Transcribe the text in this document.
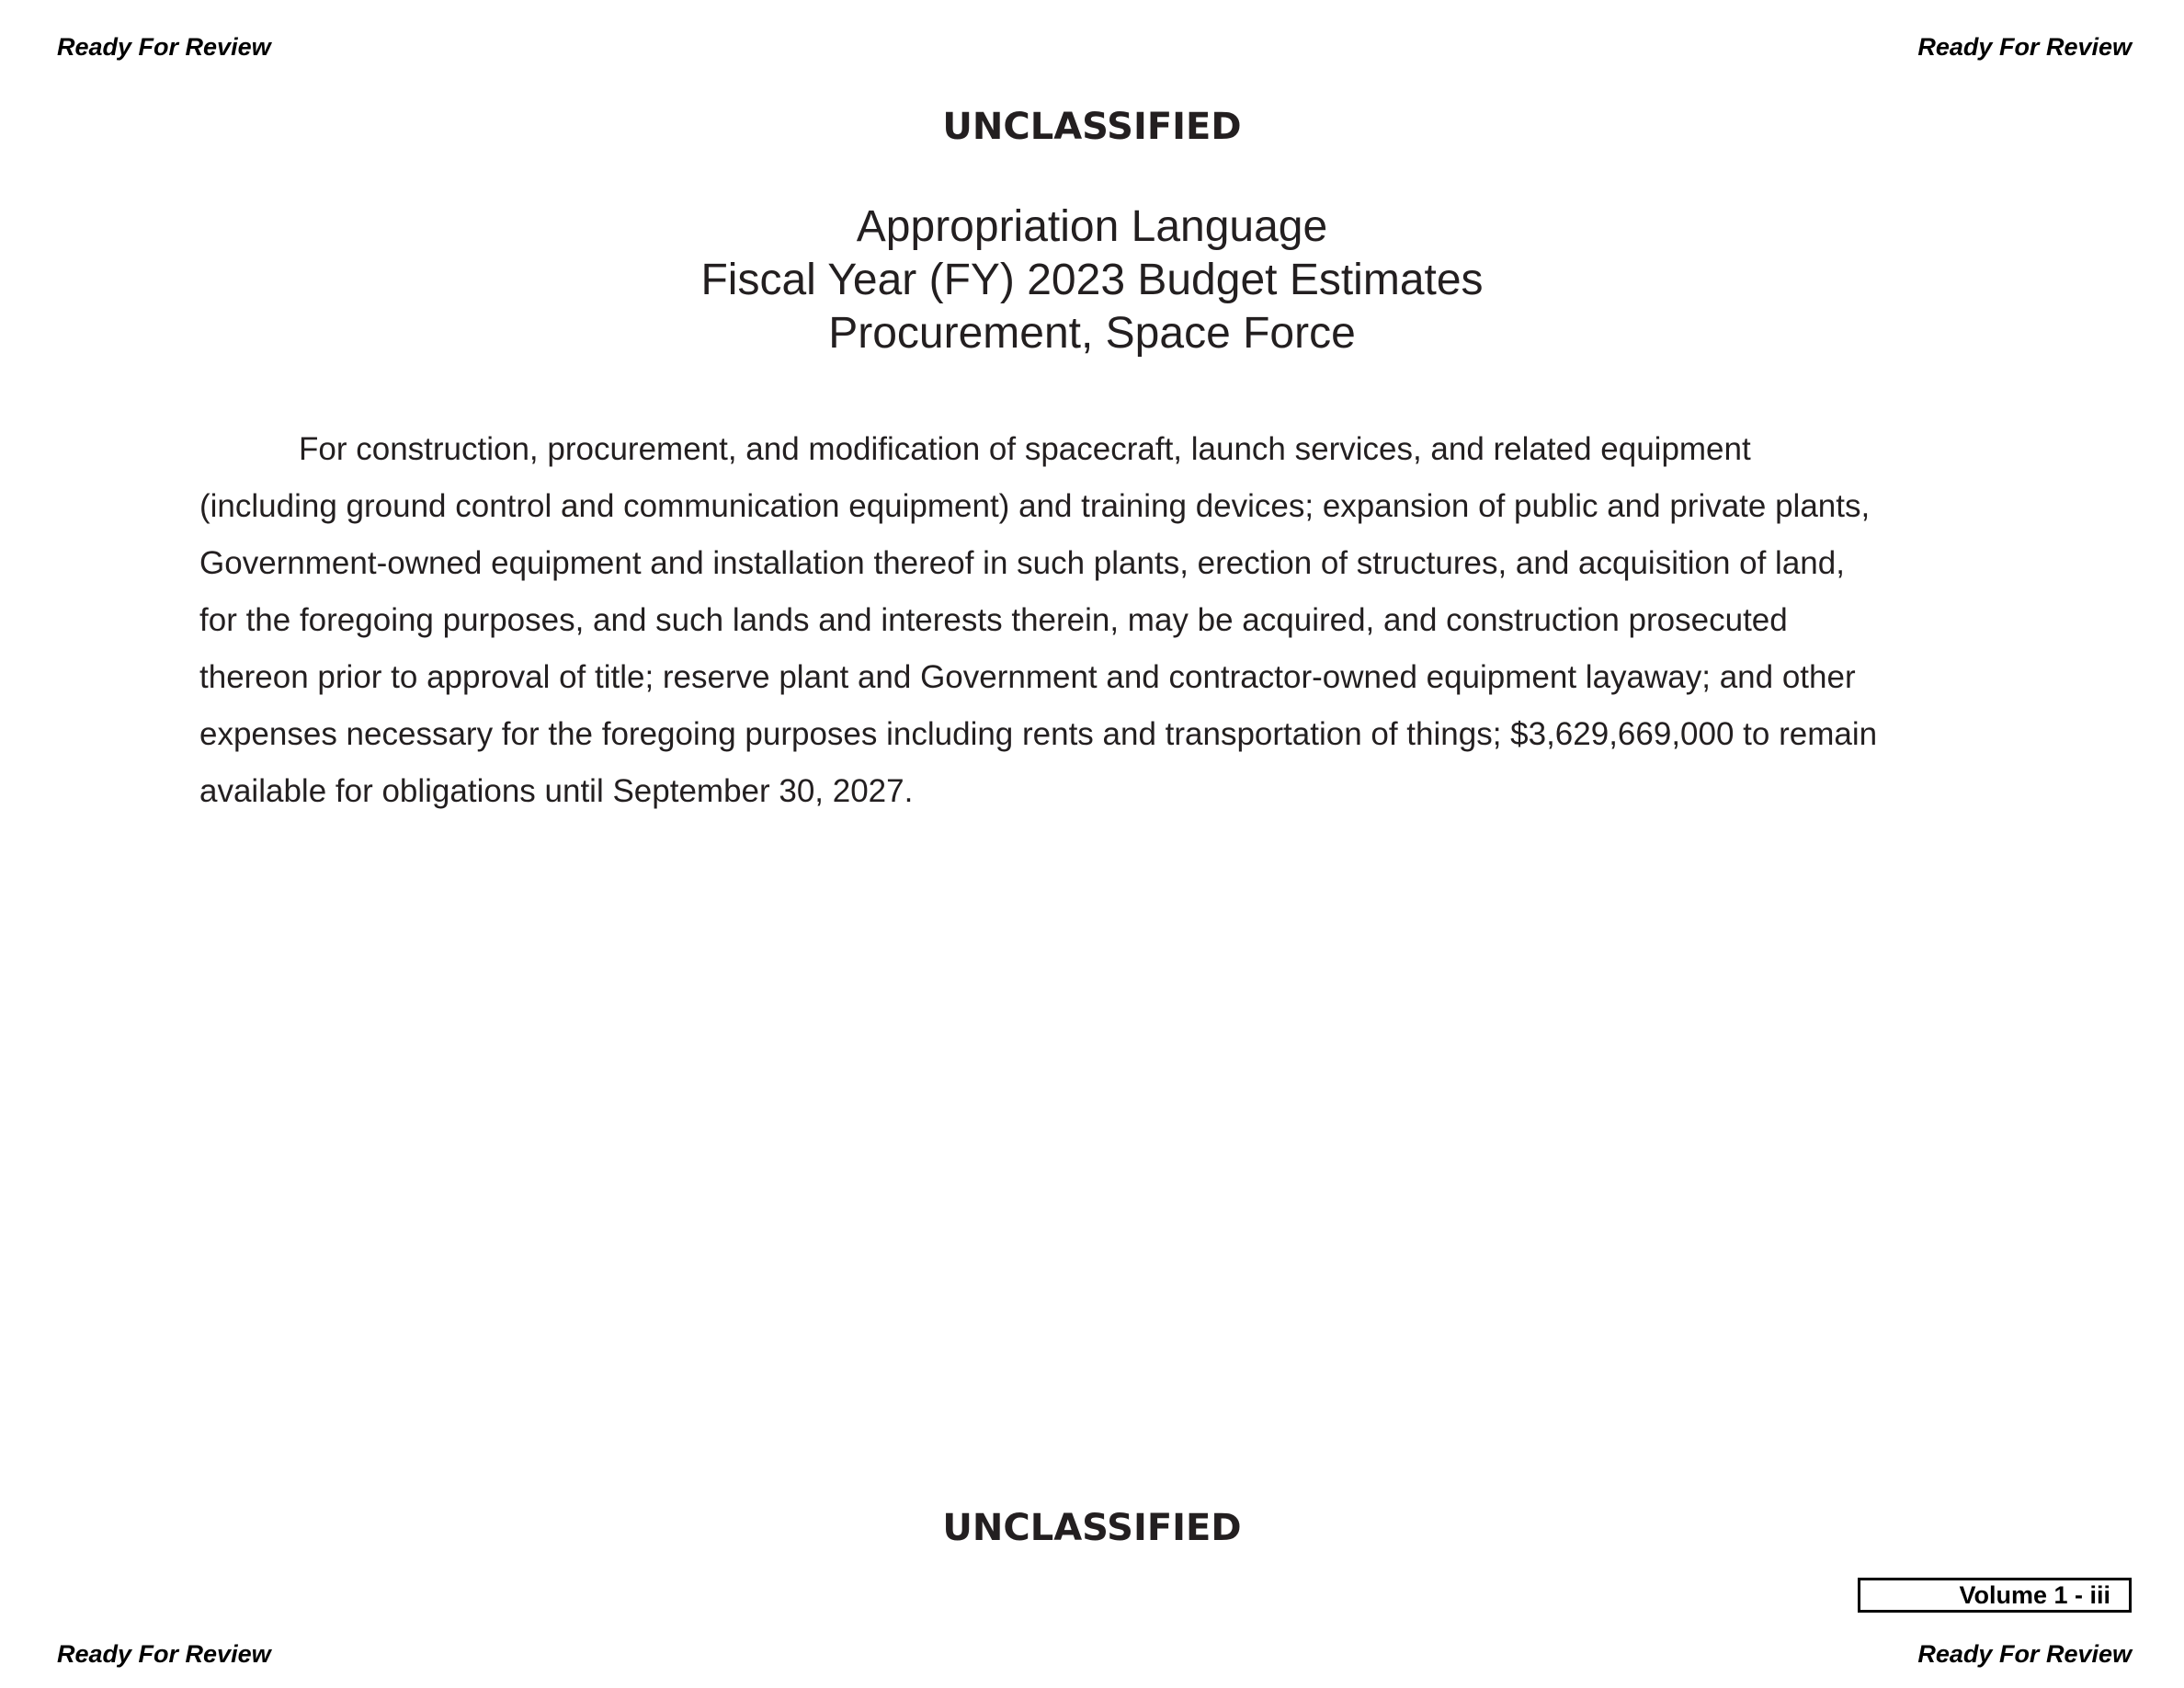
Ready For Review	Ready For Review
UNCLASSIFIED
Appropriation Language
Fiscal Year (FY) 2023 Budget Estimates
Procurement, Space Force

For construction, procurement, and modification of spacecraft, launch services, and related equipment
(including ground control and communication equipment) and training devices; expansion of public and private plants,
Government-owned equipment and installation thereof in such plants, erection of structures, and acquisition of land,
for the foregoing purposes, and such lands and interests therein, may be acquired, and construction prosecuted
thereon prior to approval of title; reserve plant and Government and contractor-owned equipment layaway; and other
expenses necessary for the foregoing purposes including rents and transportation of things; $3,629,669,000 to remain
available for obligations until September 30, 2027.

UNCLASSIFIED
Volume 1 - iii
Ready For Review	Ready For Review
